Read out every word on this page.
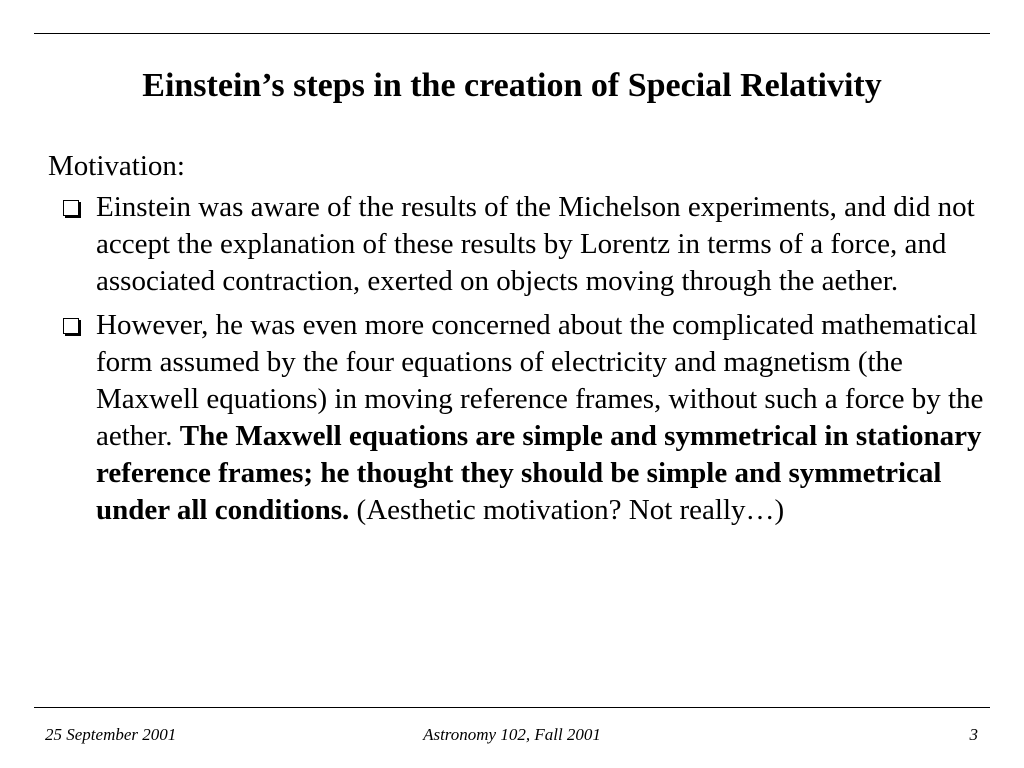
Einstein’s steps in the creation of Special Relativity

Motivation:

Einstein was aware of the results of the Michelson experiments, and did not accept the explanation of these results by Lorentz in terms of a force, and associated contraction, exerted on objects moving through the aether.
However, he was even more concerned about the complicated mathematical form assumed by the four equations of electricity and magnetism (the Maxwell equations) in moving reference frames, without such a force by the aether. The Maxwell equations are simple and symmetrical in stationary reference frames; he thought they should be simple and symmetrical under all conditions. (Aesthetic motivation? Not really…)
Astronomy 102, Fall 2001
25 September 2001	3
